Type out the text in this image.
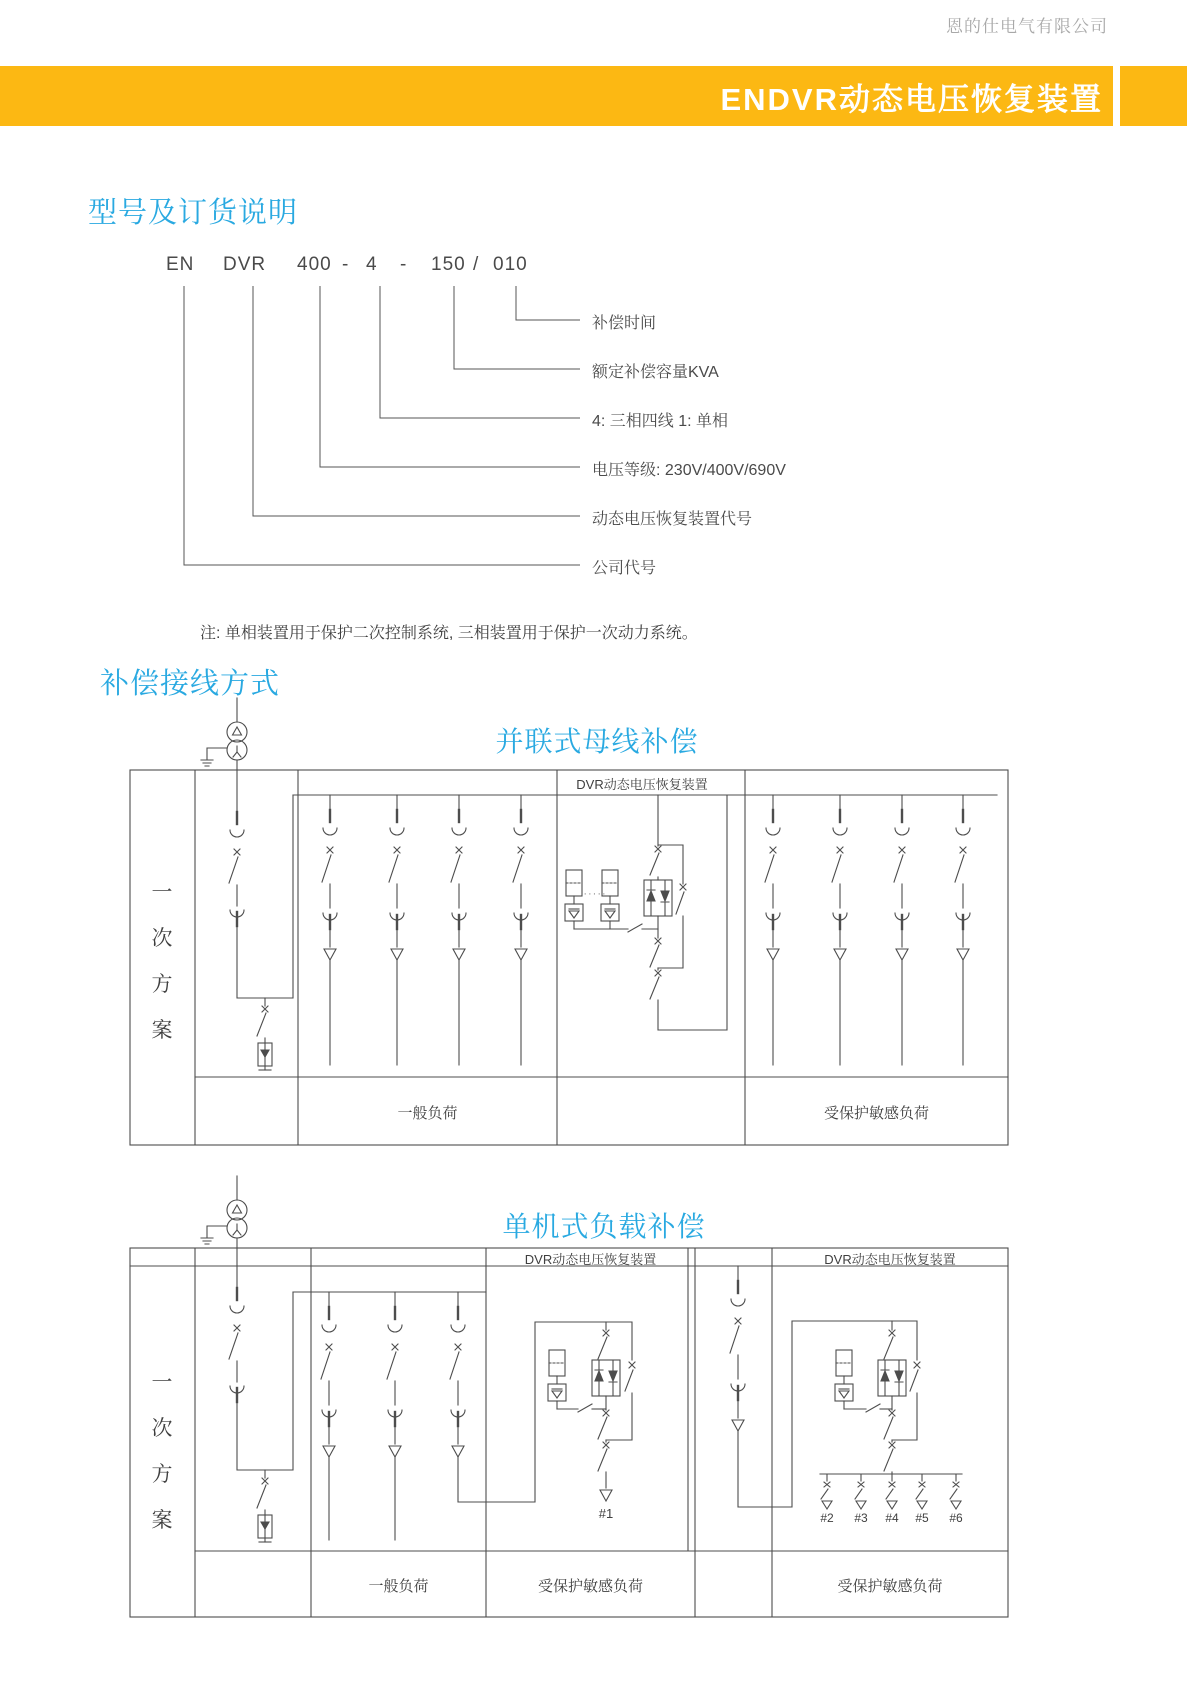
恩的仕电气有限公司
ENDVR动态电压恢复装置
型号及订货说明
EN DVR 400 - 4 - 150 / 010
补偿时间
额定补偿容量KVA
4: 三相四线 1: 单相
电压等级: 230V/400V/690V
动态电压恢复装置代号
公司代号
注: 单相装置用于保护二次控制系统, 三相装置用于保护一次动力系统。
补偿接线方式
并联式母线补偿
DVR动态电压恢复装置
一次方案
·····
一般负荷	受保护敏感负荷
单机式负载补偿
DVR动态电压恢复装置	DVR动态电压恢复装置
一次方案	#1	#2	#3	#4	#5	#6
一般负荷	受保护敏感负荷	受保护敏感负荷
